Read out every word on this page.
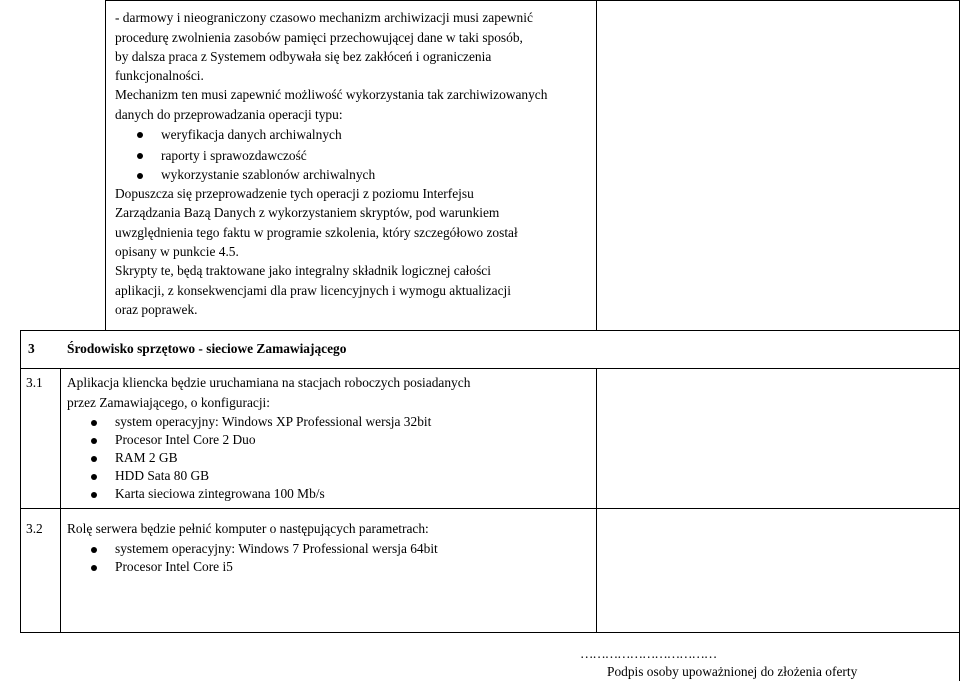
- darmowy i nieograniczony czasowo mechanizm archiwizacji musi zapewnić
procedurę zwolnienia zasobów pamięci przechowującej dane w taki sposób,
by dalsza praca z Systemem odbywała się bez zakłóceń i ograniczenia
funkcjonalności.
Mechanizm ten musi zapewnić możliwość wykorzystania tak zarchiwizowanych
danych do przeprowadzania operacji typu:
weryfikacja danych archiwalnych
raporty i sprawozdawczość
wykorzystanie szablonów archiwalnych
Dopuszcza się przeprowadzenie tych operacji z poziomu Interfejsu
Zarządzania Bazą Danych z wykorzystaniem skryptów, pod warunkiem
uwzględnienia tego faktu w programie szkolenia, który szczegółowo został
opisany w punkcie 4.5.
Skrypty te, będą traktowane jako integralny składnik logicznej całości
aplikacji, z konsekwencjami dla praw licencyjnych i wymogu aktualizacji
oraz poprawek.
3 Środowisko sprzętowo - sieciowe Zamawiającego
3.1 Aplikacja kliencka będzie uruchamiana na stacjach roboczych posiadanych
przez Zamawiającego, o konfiguracji:
system operacyjny: Windows XP Professional wersja 32bit
Procesor Intel Core 2 Duo
RAM 2 GB
HDD Sata 80 GB
Karta sieciowa zintegrowana 100 Mb/s
3.2 Rolę serwera będzie pełnić komputer o następujących parametrach:
systemem operacyjny: Windows 7 Professional wersja 64bit
Procesor Intel Core i5
……………………………
Podpis osoby upoważnionej do złożenia oferty
